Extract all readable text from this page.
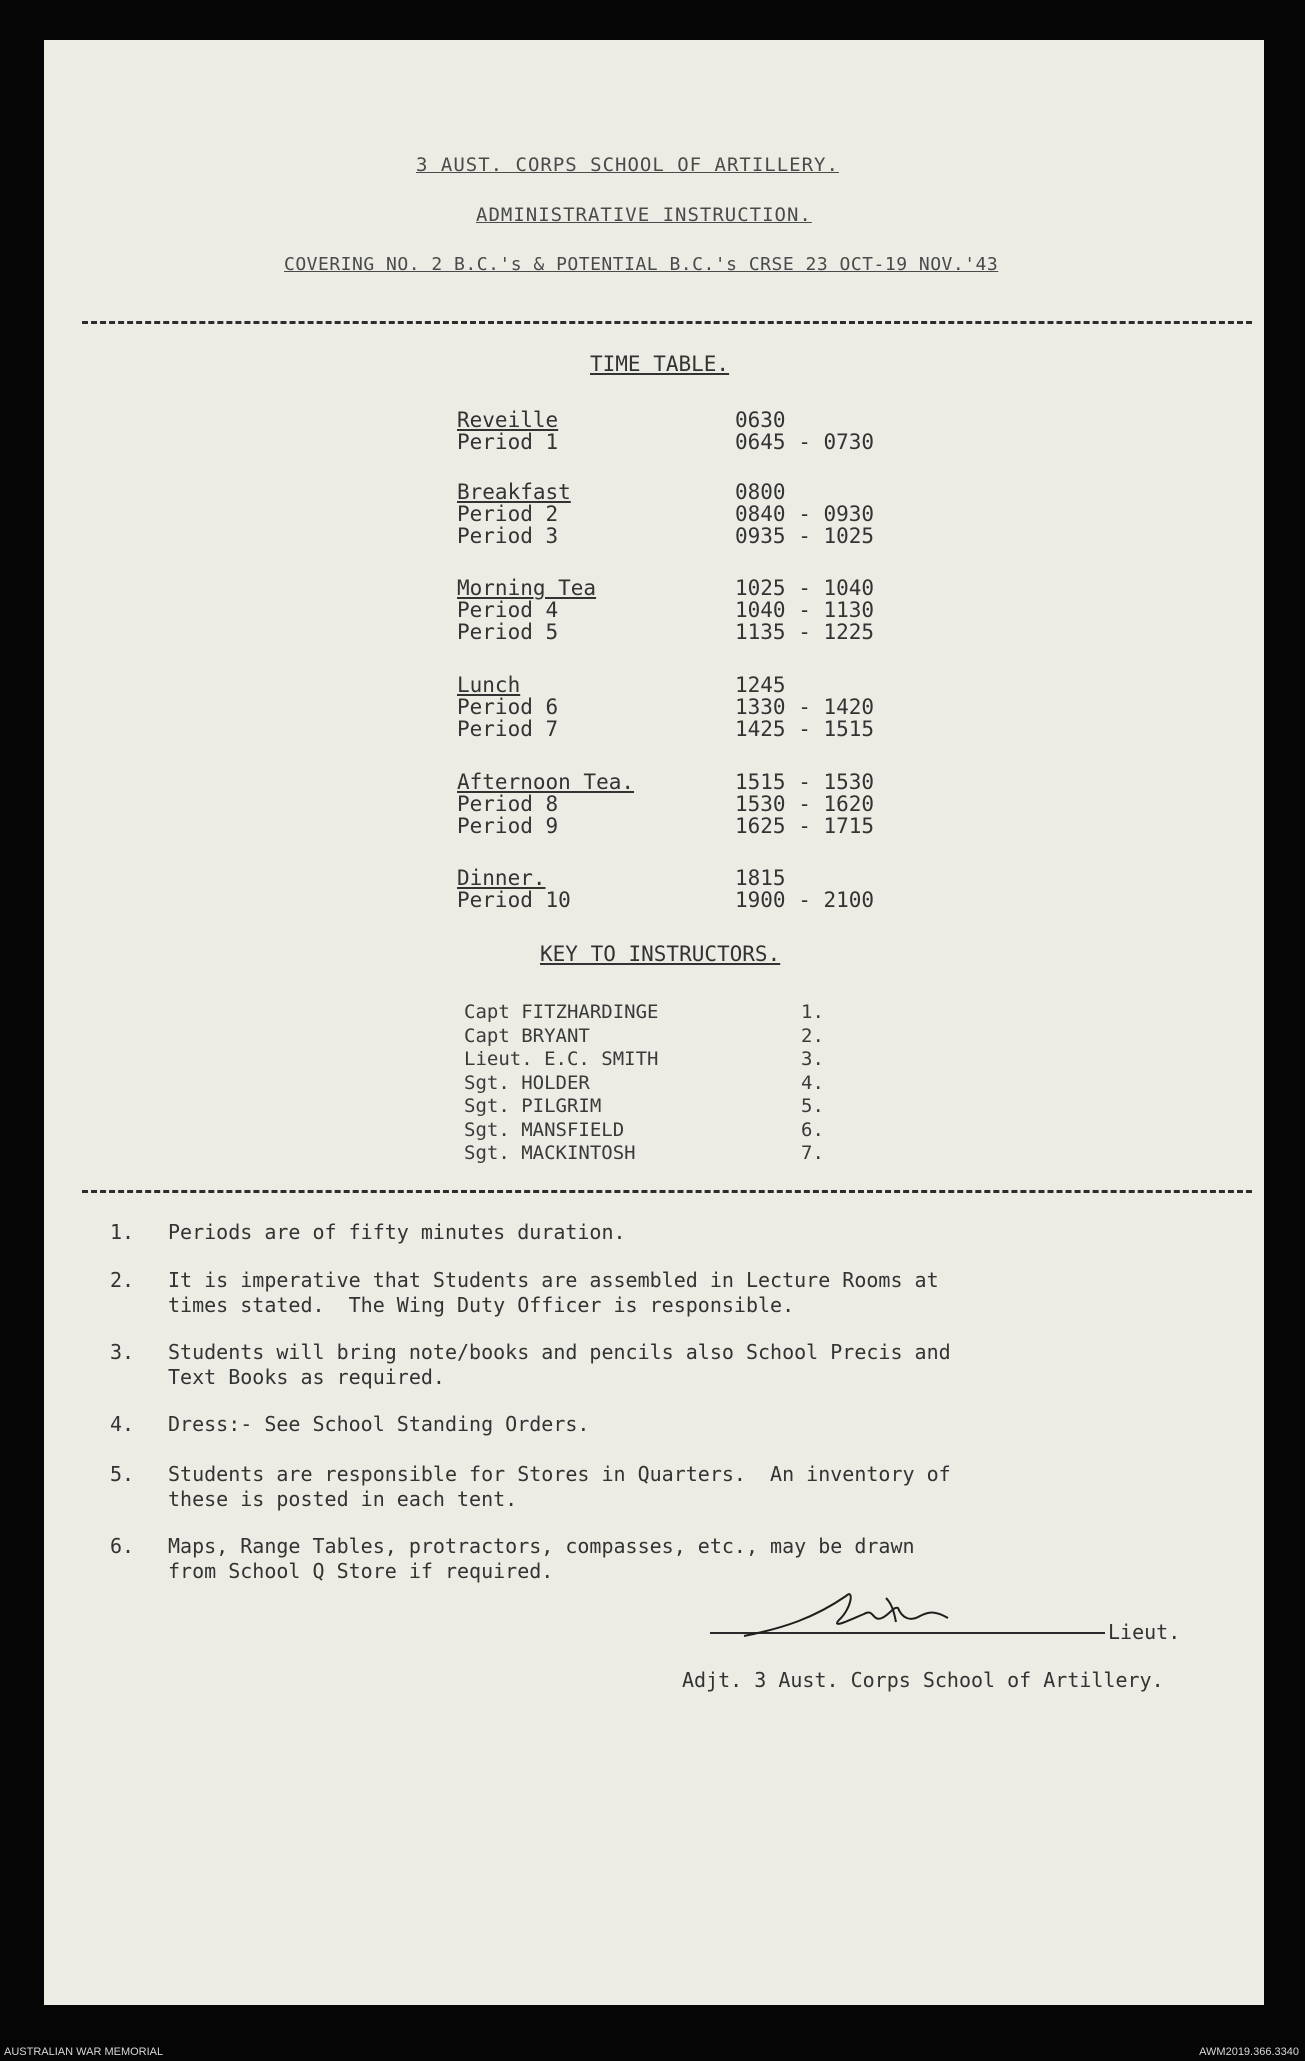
3 AUST. CORPS SCHOOL OF ARTILLERY.
ADMINISTRATIVE INSTRUCTION.
COVERING NO. 2 B.C.'s & POTENTIAL B.C.'s CRSE 23 OCT-19 NOV.'43
TIME TABLE.
Reveille	0630
Period 1	0645 - 0730
Breakfast	0800
Period 2	0840 - 0930
Period 3	0935 - 1025
Morning Tea	1025 - 1040
Period 4	1040 - 1130
Period 5	1135 - 1225
Lunch	1245
Period 6	1330 - 1420
Period 7	1425 - 1515
Afternoon Tea.	1515 - 1530
Period 8	1530 - 1620
Period 9	1625 - 1715
Dinner.	1815
Period 10	1900 - 2100
KEY TO INSTRUCTORS.
Capt FITZHARDINGE	1.
Capt BRYANT	2.
Lieut. E.C. SMITH	3.
Sgt. HOLDER	4.
Sgt. PILGRIM	5.
Sgt. MANSFIELD	6.
Sgt. MACKINTOSH	7.
1. Periods are of fifty minutes duration.
2. It is imperative that Students are assembled in Lecture Rooms at
times stated.  The Wing Duty Officer is responsible.
3. Students will bring note/books and pencils also School Precis and
Text Books as required.
4. Dress:- See School Standing Orders.
5. Students are responsible for Stores in Quarters.  An inventory of
these is posted in each tent.
6. Maps, Range Tables, protractors, compasses, etc., may be drawn
from School Q Store if required.
Lieut.
Adjt. 3 Aust. Corps School of Artillery.
AUSTRALIAN WAR MEMORIAL	AWM2019.366.3340
